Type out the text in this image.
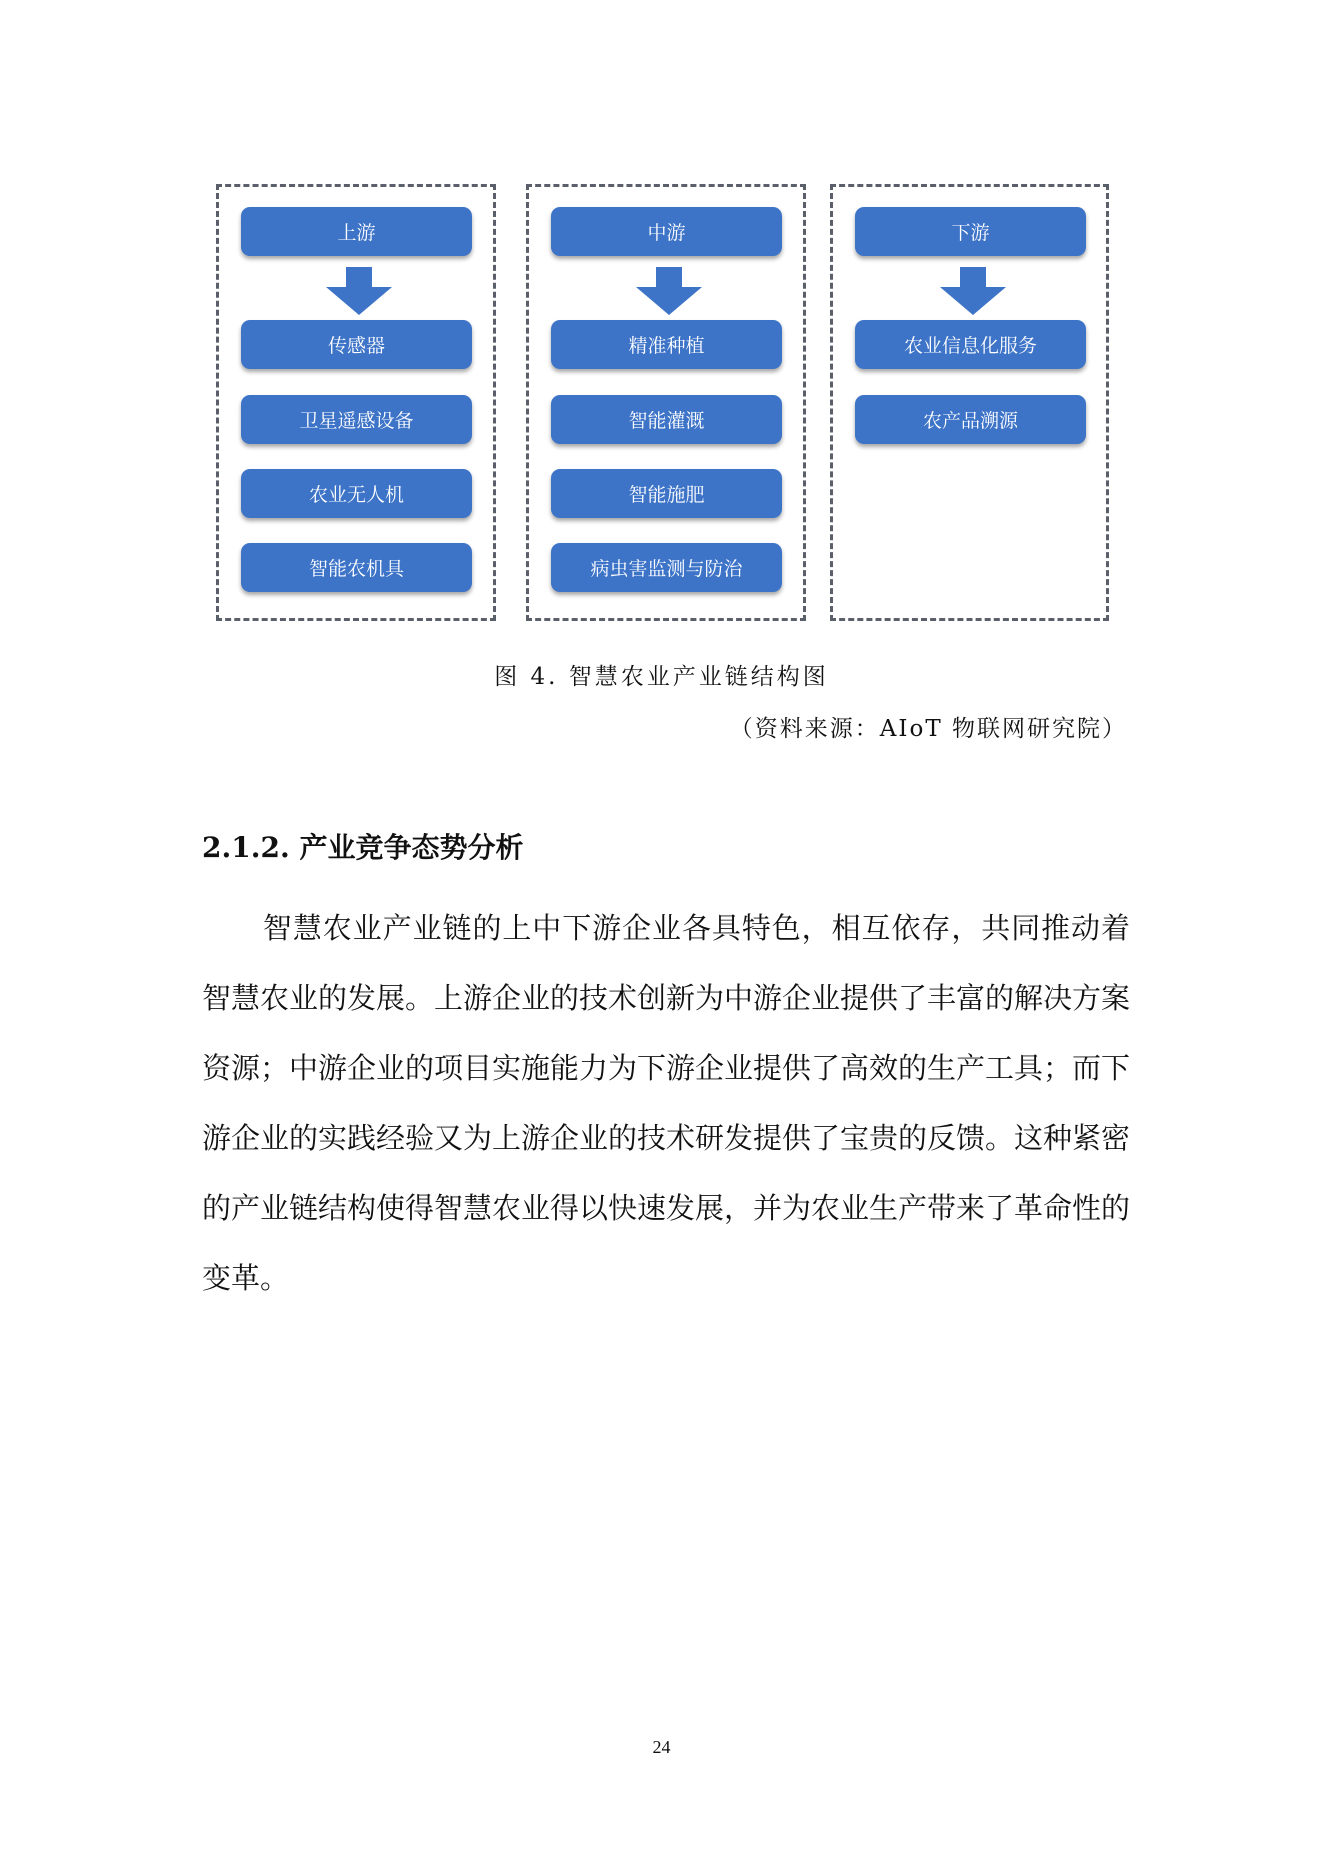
上游
传感器
卫星遥感设备
农业无人机
智能农机具
中游
精准种植
智能灌溉
智能施肥
病虫害监测与防治
下游
农业信息化服务
农产品溯源
图 4. 智慧农业产业链结构图
（资料来源：AIoT 物联网研究院）
2.1.2. 产业竞争态势分析
智慧农业产业链的上中下游企业各具特色，相互依存，共同推动着智慧农业的发展。上游企业的技术创新为中游企业提供了丰富的解决方案资源；中游企业的项目实施能力为下游企业提供了高效的生产工具；而下游企业的实践经验又为上游企业的技术研发提供了宝贵的反馈。这种紧密的产业链结构使得智慧农业得以快速发展，并为农业生产带来了革命性的变革。
24
